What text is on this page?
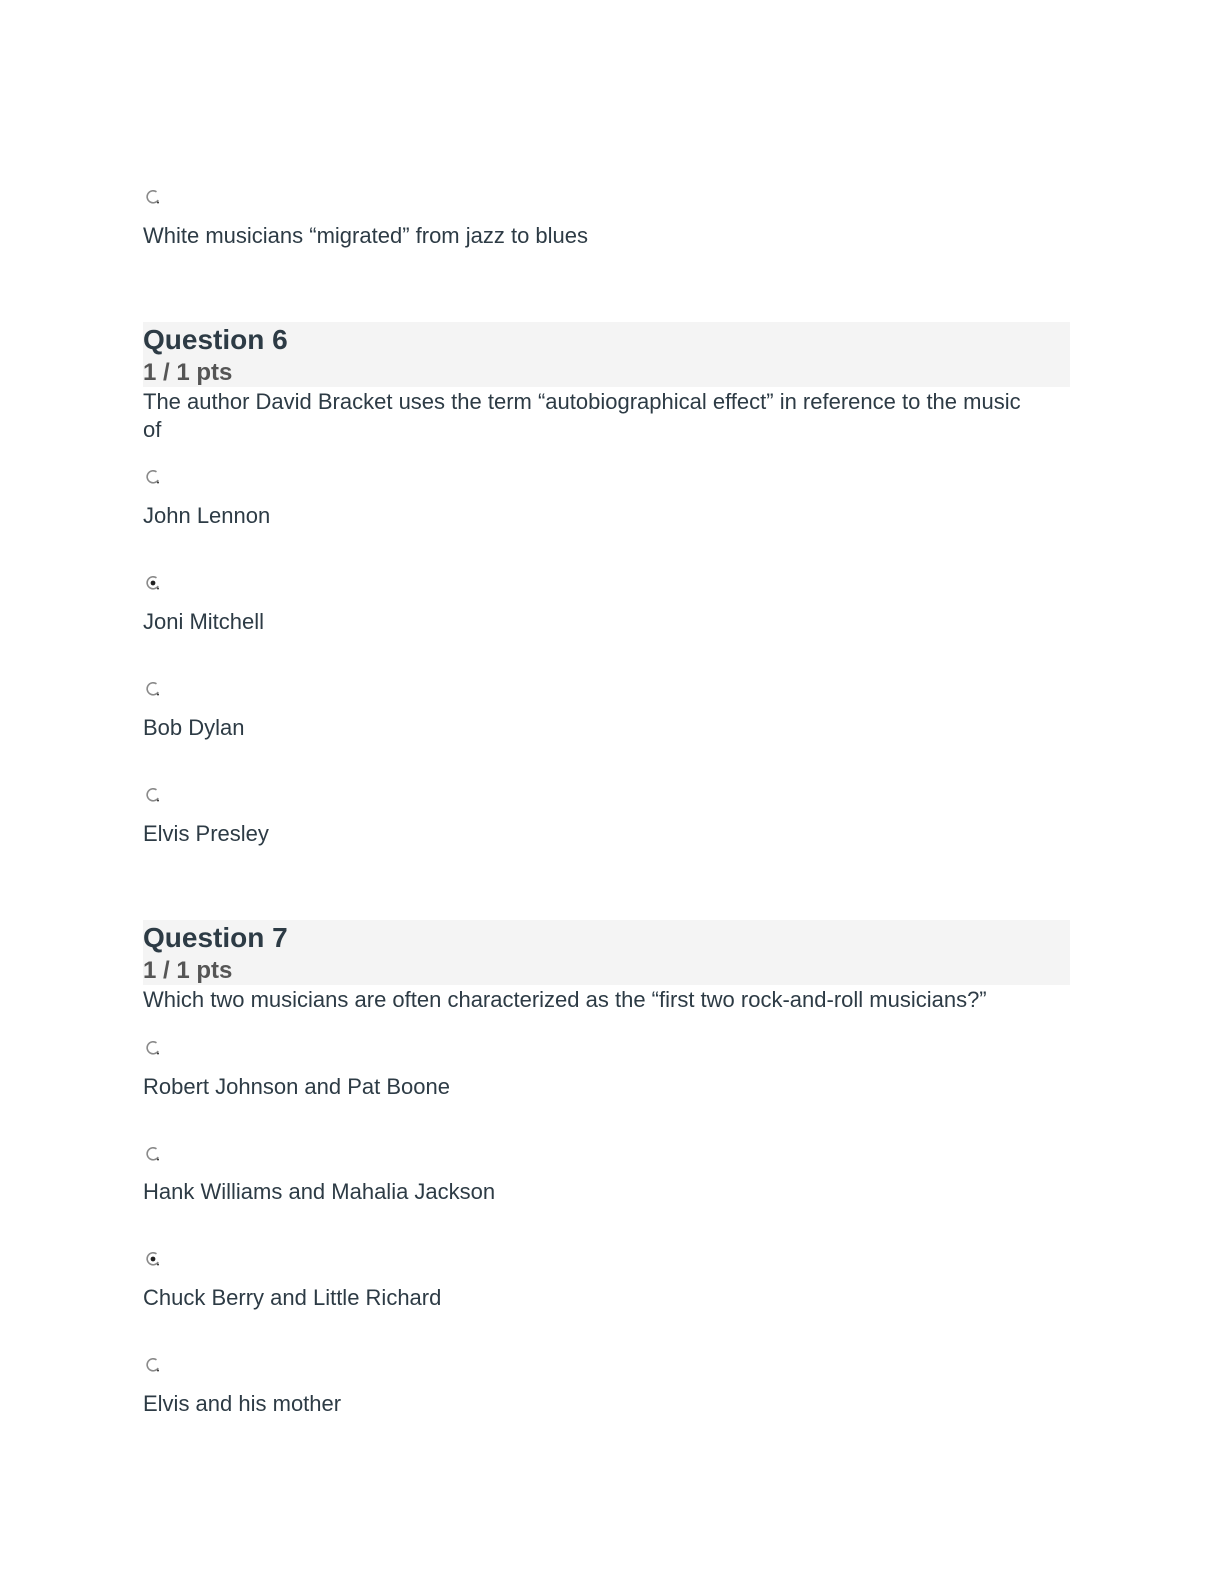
White musicians “migrated” from jazz to blues
Question 6
1 / 1 pts
The author David Bracket uses the term “autobiographical effect” in reference to the music of
John Lennon
Joni Mitchell
Bob Dylan
Elvis Presley
Question 7
1 / 1 pts
Which two musicians are often characterized as the “first two rock-and-roll musicians?”
Robert Johnson and Pat Boone
Hank Williams and Mahalia Jackson
Chuck Berry and Little Richard
Elvis and his mother
